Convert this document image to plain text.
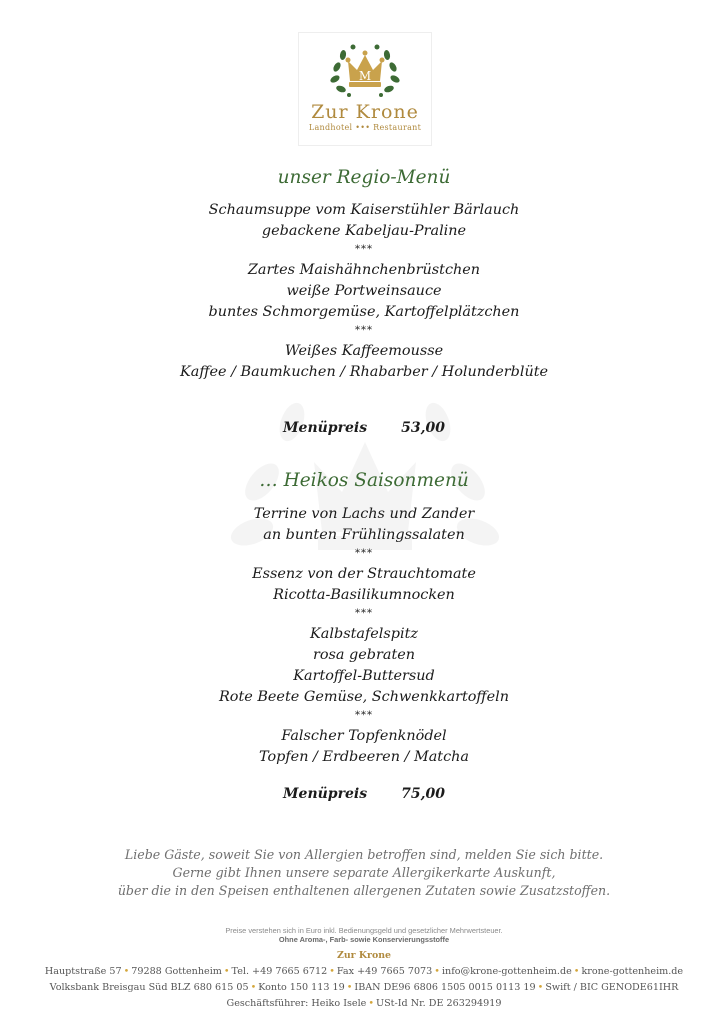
M
Zur Krone
Landhotel ••• Restaurant
unser Regio-Menü
Schaumsuppe vom Kaiserstühler Bärlauch
gebackene Kabeljau-Praline
***
Zartes Maishähnchenbrüstchen
weiße Portweinsauce
buntes Schmorgemüse, Kartoffelplätzchen
***
Weißes Kaffeemousse
Kaffee / Baumkuchen / Rhabarber / Holunderblüte
Menüpreis 53,00
… Heikos Saisonmenü
Terrine von Lachs und Zander
an bunten Frühlingssalaten
***
Essenz von der Strauchtomate
Ricotta-Basilikumnocken
***
Kalbstafelspitz
rosa gebraten
Kartoffel-Buttersud
Rote Beete Gemüse, Schwenkkartoffeln
***
Falscher Topfenknödel
Topfen / Erdbeeren / Matcha
Menüpreis 75,00
Liebe Gäste, soweit Sie von Allergien betroffen sind, melden Sie sich bitte.
Gerne gibt Ihnen unsere separate Allergikerkarte Auskunft,
über die in den Speisen enthaltenen allergenen Zutaten sowie Zusatzstoffen.
Preise verstehen sich in Euro inkl. Bedienungsgeld und gesetzlicher Mehrwertsteuer.
Ohne Aroma-, Farb- sowie Konservierungsstoffe
Zur Krone
Hauptstraße 57 • 79288 Gottenheim • Tel. +49 7665 6712 • Fax +49 7665 7073 • info@krone-gottenheim.de • krone-gottenheim.de
Volksbank Breisgau Süd BLZ 680 615 05 • Konto 150 113 19 • IBAN DE96 6806 1505 0015 0113 19 • Swift / BIC GENODE61IHR
Geschäftsführer: Heiko Isele • USt-Id Nr. DE 263294919
